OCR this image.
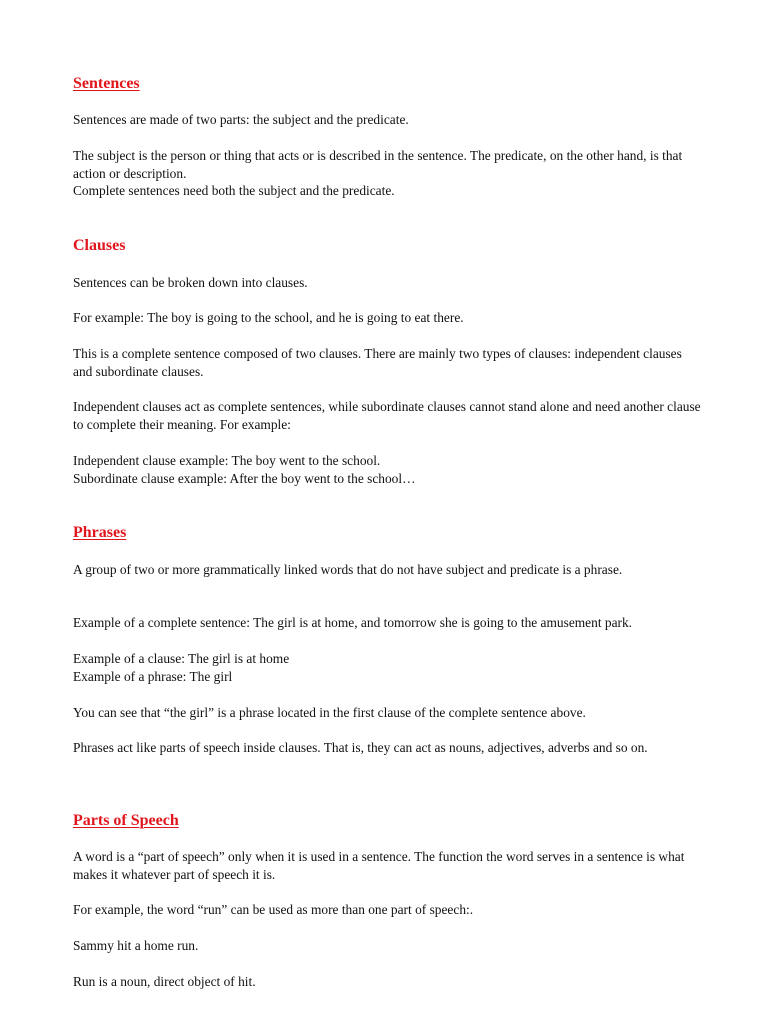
Sentences

Sentences are made of two parts: the subject and the predicate.

The subject is the person or thing that acts or is described in the sentence. The predicate, on the other hand, is that action or description.

Complete sentences need both the subject and the predicate.

Clauses

Sentences can be broken down into clauses.

For example: The boy is going to the school, and he is going to eat there.

This is a complete sentence composed of two clauses. There are mainly two types of clauses: independent clauses and subordinate clauses.

Independent clauses act as complete sentences, while subordinate clauses cannot stand alone and need another clause to complete their meaning. For example:

Independent clause example: The boy went to the school.

Subordinate clause example: After the boy went to the school…

Phrases

A group of two or more grammatically linked words that do not have subject and predicate is a phrase.

Example of a complete sentence: The girl is at home, and tomorrow she is going to the amusement park.

Example of a clause: The girl is at home

Example of a phrase: The girl

You can see that “the girl” is a phrase located in the first clause of the complete sentence above.

Phrases act like parts of speech inside clauses. That is, they can act as nouns, adjectives, adverbs and so on.

Parts of Speech

A word is a “part of speech” only when it is used in a sentence. The function the word serves in a sentence is what makes it whatever part of speech it is.

For example, the word “run” can be used as more than one part of speech:.

Sammy hit a home run.

Run is a noun, direct object of hit.
